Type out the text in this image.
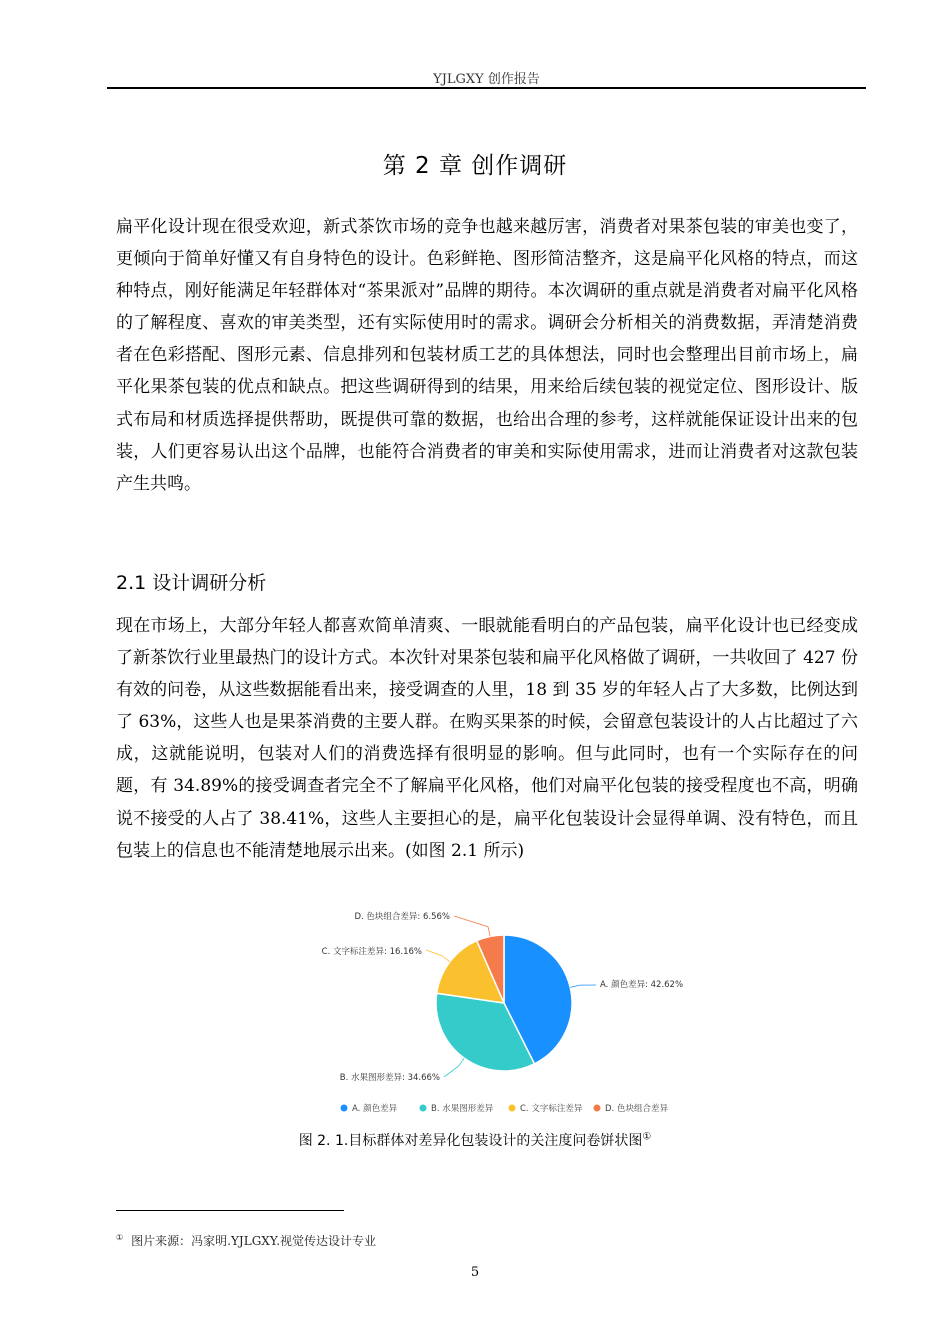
YJLGXY 创作报告
第 2 章 创作调研

扁平化设计现在很受欢迎，新式茶饮市场的竞争也越来越厉害，消费者对果茶包装的审美也变了，更倾向于简单好懂又有自身特色的设计。色彩鲜艳、图形简洁整齐，这是扁平化风格的特点，而这种特点，刚好能满足年轻群体对“茶果派对”品牌的期待。本次调研的重点就是消费者对扁平化风格的了解程度、喜欢的审美类型，还有实际使用时的需求。调研会分析相关的消费数据，弄清楚消费者在色彩搭配、图形元素、信息排列和包装材质工艺的具体想法，同时也会整理出目前市场上，扁平化果茶包装的优点和缺点。把这些调研得到的结果，用来给后续包装的视觉定位、图形设计、版式布局和材质选择提供帮助，既提供可靠的数据，也给出合理的参考，这样就能保证设计出来的包装，人们更容易认出这个品牌，也能符合消费者的审美和实际使用需求，进而让消费者对这款包装产生共鸣。

2.1 设计调研分析

现在市场上，大部分年轻人都喜欢简单清爽、一眼就能看明白的产品包装，扁平化设计也已经变成了新茶饮行业里最热门的设计方式。本次针对果茶包装和扁平化风格做了调研，一共收回了 427 份有效的问卷，从这些数据能看出来，接受调查的人里，18 到 35 岁的年轻人占了大多数，比例达到了 63%，这些人也是果茶消费的主要人群。在购买果茶的时候，会留意包装设计的人占比超过了六成，这就能说明，包装对人们的消费选择有很明显的影响。但与此同时，也有一个实际存在的问题，有 34.89%的接受调查者完全不了解扁平化风格，他们对扁平化包装的接受程度也不高，明确说不接受的人占了 38.41%，这些人主要担心的是，扁平化包装设计会显得单调、没有特色，而且包装上的信息也不能清楚地展示出来。(如图 2.1 所示)

A. 颜色差异: 42.62%
B. 水果图形差异: 34.66%
C. 文字标注差异: 16.16%
D. 色块组合差异: 6.56%
A. 颜色差异	B. 水果图形差异	C. 文字标注差异	D. 色块组合差异
图 2. 1.目标群体对差异化包装设计的关注度问卷饼状图①
① 图片来源：冯家明.YJLGXY.视觉传达设计专业
5
